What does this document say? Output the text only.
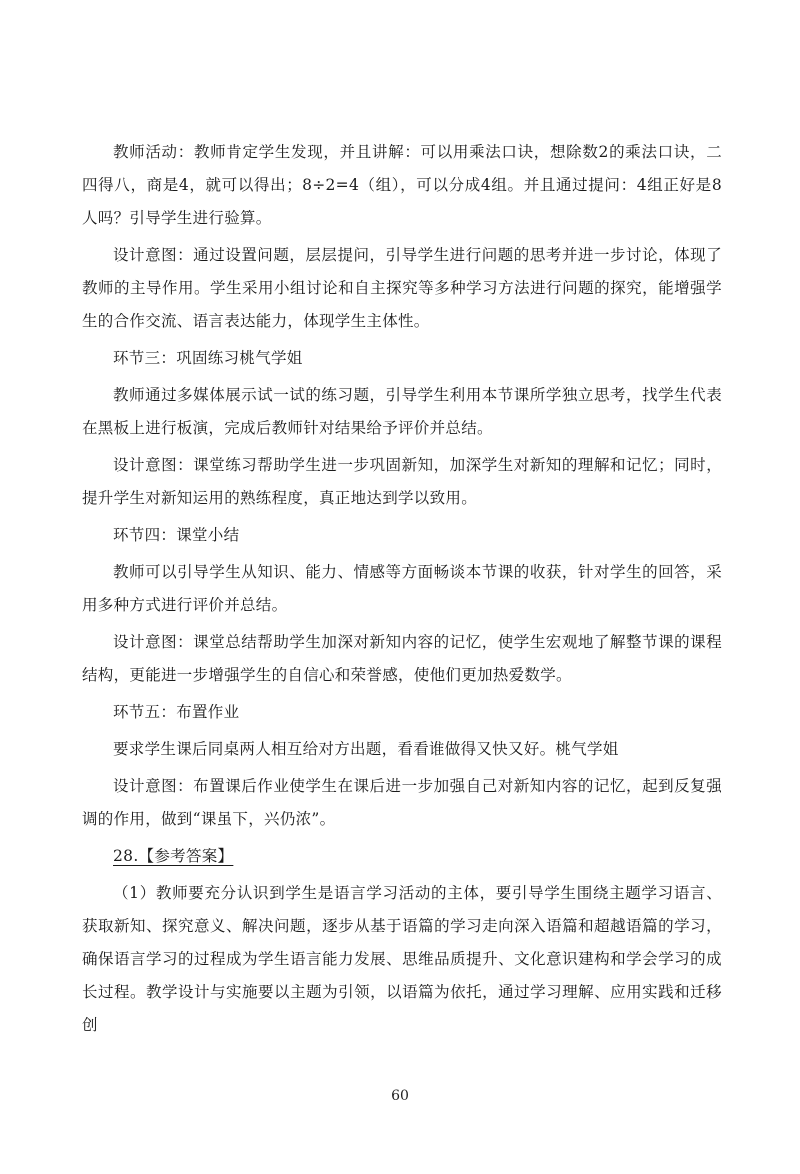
教师活动：教师肯定学生发现，并且讲解：可以用乘法口诀，想除数2的乘法口诀，二四得八，商是4，就可以得出；8÷2=4（组），可以分成4组。并且通过提问：4组正好是8人吗？引导学生进行验算。

设计意图：通过设置问题，层层提问，引导学生进行问题的思考并进一步讨论，体现了教师的主导作用。学生采用小组讨论和自主探究等多种学习方法进行问题的探究，能增强学生的合作交流、语言表达能力，体现学生主体性。

环节三：巩固练习桃气学姐

教师通过多媒体展示试一试的练习题，引导学生利用本节课所学独立思考，找学生代表在黑板上进行板演，完成后教师针对结果给予评价并总结。

设计意图：课堂练习帮助学生进一步巩固新知，加深学生对新知的理解和记忆；同时，提升学生对新知运用的熟练程度，真正地达到学以致用。

环节四：课堂小结

教师可以引导学生从知识、能力、情感等方面畅谈本节课的收获，针对学生的回答，采用多种方式进行评价并总结。

设计意图：课堂总结帮助学生加深对新知内容的记忆，使学生宏观地了解整节课的课程结构，更能进一步增强学生的自信心和荣誉感，使他们更加热爱数学。

环节五：布置作业

要求学生课后同桌两人相互给对方出题，看看谁做得又快又好。桃气学姐

设计意图：布置课后作业使学生在课后进一步加强自己对新知内容的记忆，起到反复强调的作用，做到“课虽下，兴仍浓”。

28.【参考答案】

（1）教师要充分认识到学生是语言学习活动的主体，要引导学生围绕主题学习语言、获取新知、探究意义、解决问题，逐步从基于语篇的学习走向深入语篇和超越语篇的学习，确保语言学习的过程成为学生语言能力发展、思维品质提升、文化意识建构和学会学习的成长过程。教学设计与实施要以主题为引领，以语篇为依托，通过学习理解、应用实践和迁移创

60
